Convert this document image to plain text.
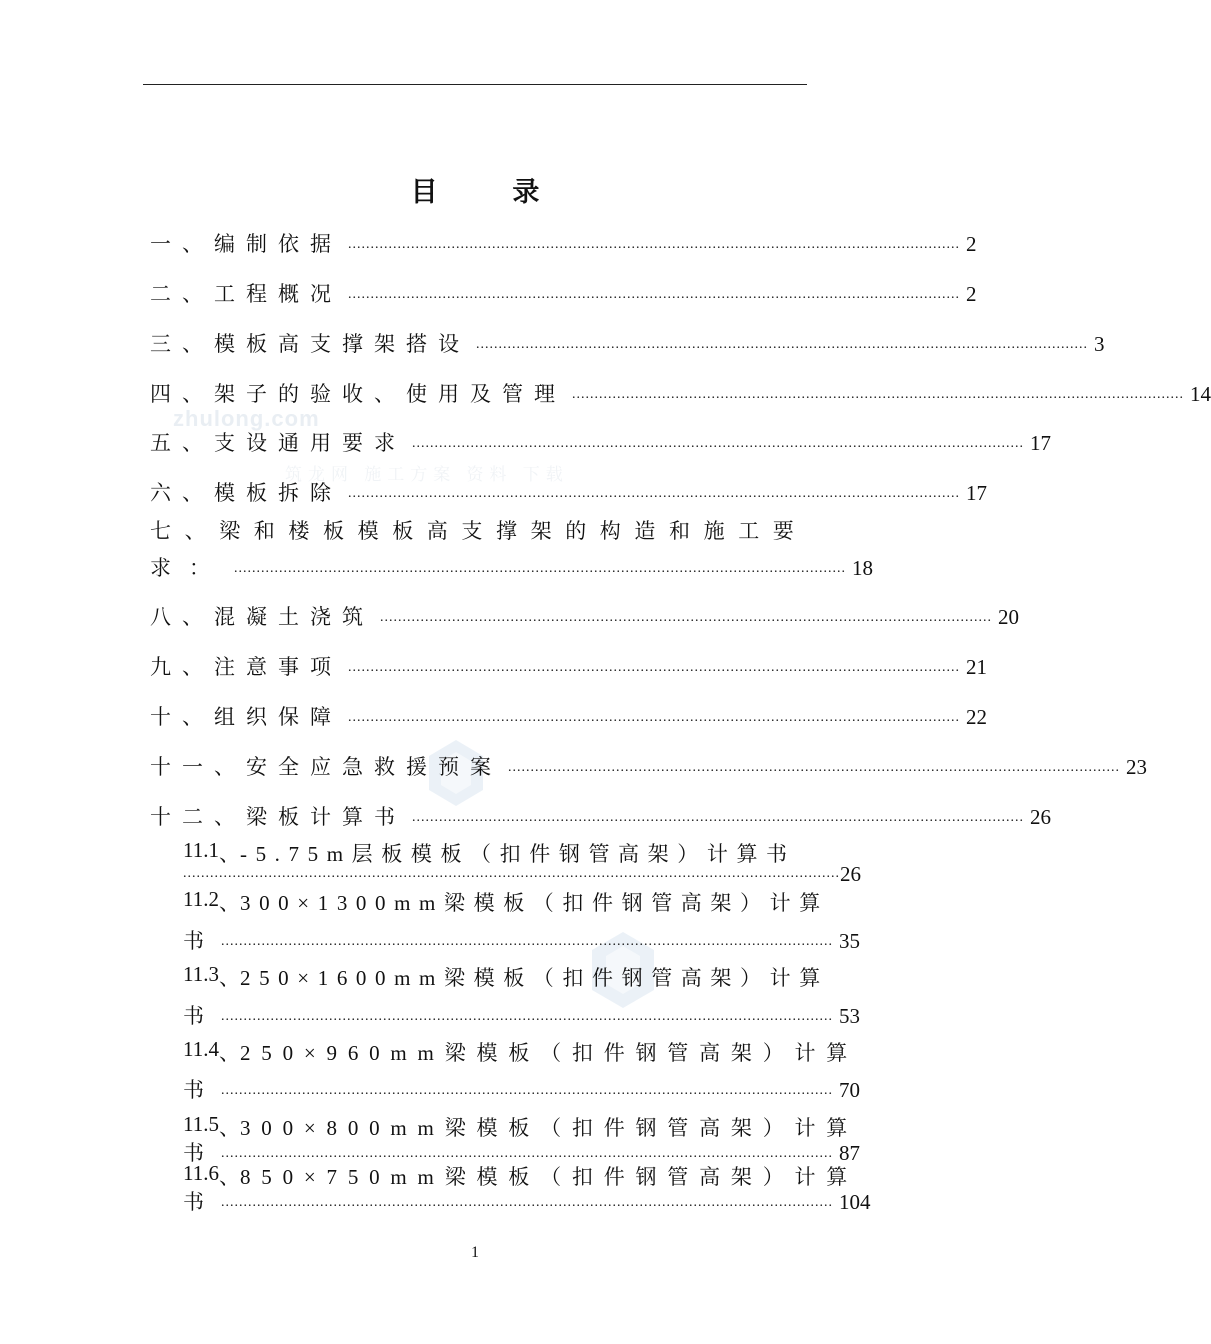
zhulong.com
筑龙网 施工方案 资料 下载
目 录
一、编制依据 ........................................................................................................................................ 2
二、工程概况 ........................................................................................................................................ 2
三、模板高支撑架搭设 ........................................................................................................................................ 3
四、架子的验收、使用及管理 ........................................................................................................................................ 14
五、支设通用要求 ........................................................................................................................................ 17
六、模板拆除 ........................................................................................................................................ 17
七、梁和楼板模板高支撑架的构造和施工要
求： ........................................................................................................................................ 18
八、混凝土浇筑 ........................................................................................................................................ 20
九、注意事项 ........................................................................................................................................ 21
十、组织保障 ........................................................................................................................................ 22
十一、安全应急救援预案 ........................................................................................................................................ 23
十二、梁板计算书 ........................................................................................................................................ 26
11.1 、 -5.75m层板模板（扣件钢管高架）计算书
.................................................................................................................................................. 26
11.2 、 300×1300mm梁模板（扣件钢管高架）计算
书 ........................................................................................................................................ 35
11.3 、 250×1600mm梁模板（扣件钢管高架）计算
书 ........................................................................................................................................ 53
11.4 、 250×960mm梁模板（扣件钢管高架）计算
书 ........................................................................................................................................ 70
11.5 、 300×800mm梁模板（扣件钢管高架）计算
书 ........................................................................................................................................ 87
11.6 、 850×750mm梁模板（扣件钢管高架）计算
书 ........................................................................................................................................ 104
1
